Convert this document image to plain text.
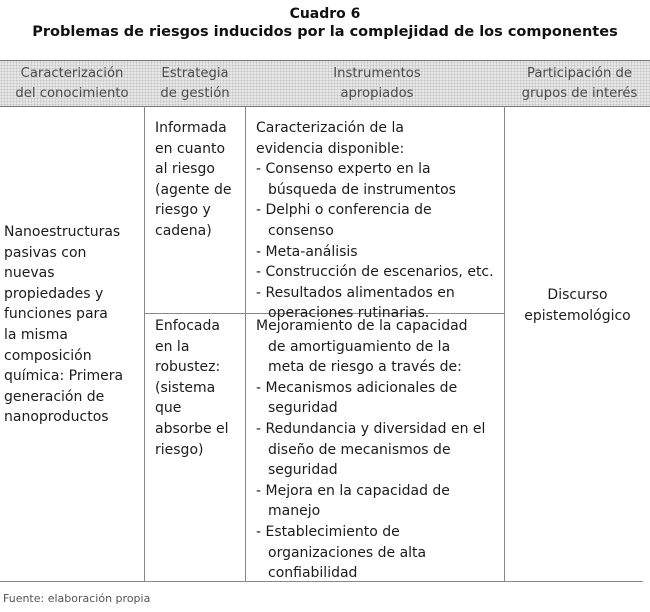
Cuadro 6
Problemas de riesgos inducidos por la complejidad de los componentes
Caracterización
del conocimiento
Estrategia
de gestión
Instrumentos
apropiados
Participación de
grupos de interés
Nanoestructuras
pasivas con
nuevas
propiedades y
funciones para
la misma
composición
química: Primera
generación de
nanoproductos
Informada
en cuanto
al riesgo
(agente de
riesgo y
cadena)
Enfocada
en la
robustez:
(sistema
que
absorbe el
riesgo)
Caracterización de la
evidencia disponible:
- Consenso experto en la
búsqueda de instrumentos
- Delphi o conferencia de
consenso
- Meta-análisis
- Construcción de escenarios, etc.
- Resultados alimentados en
operaciones rutinarias.
Mejoramiento de la capacidad
de amortiguamiento de la
meta de riesgo a través de:
- Mecanismos adicionales de
seguridad
- Redundancia y diversidad en el
diseño de mecanismos de
seguridad
- Mejora en la capacidad de
manejo
- Establecimiento de
organizaciones de alta
confiabilidad
Discurso
epistemológico
Fuente: elaboración propia
